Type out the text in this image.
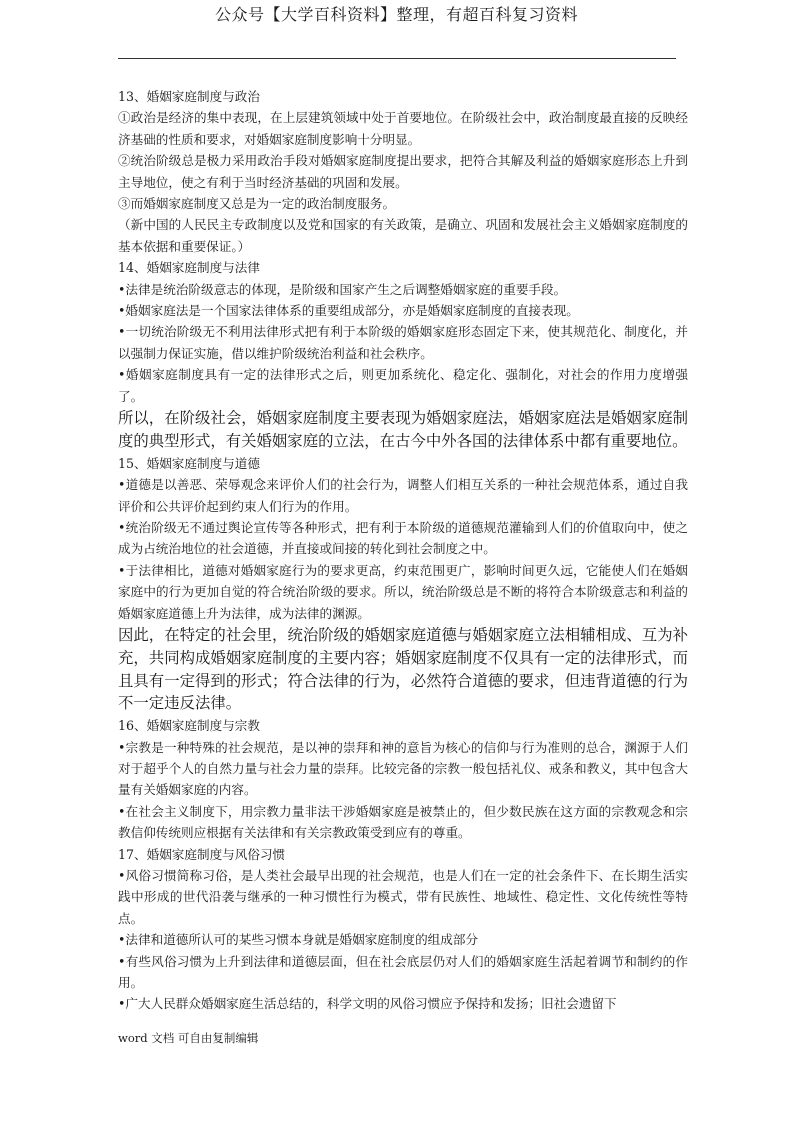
公众号【大学百科资料】整理，有超百科复习资料

13、婚姻家庭制度与政治

①政治是经济的集中表现，在上层建筑领域中处于首要地位。在阶级社会中，政治制度最直接的反映经济基础的性质和要求，对婚姻家庭制度影响十分明显。

②统治阶级总是极力采用政治手段对婚姻家庭制度提出要求，把符合其解及利益的婚姻家庭形态上升到主导地位，使之有利于当时经济基础的巩固和发展。

③而婚姻家庭制度又总是为一定的政治制度服务。

（新中国的人民民主专政制度以及党和国家的有关政策，是确立、巩固和发展社会主义婚姻家庭制度的基本依据和重要保证。）

14、婚姻家庭制度与法律

•法律是统治阶级意志的体现，是阶级和国家产生之后调整婚姻家庭的重要手段。

•婚姻家庭法是一个国家法律体系的重要组成部分，亦是婚姻家庭制度的直接表现。

•一切统治阶级无不利用法律形式把有利于本阶级的婚姻家庭形态固定下来，使其规范化、制度化，并以强制力保证实施，借以维护阶级统治利益和社会秩序。

•婚姻家庭制度具有一定的法律形式之后，则更加系统化、稳定化、强制化，对社会的作用力度增强了。

所以，在阶级社会，婚姻家庭制度主要表现为婚姻家庭法，婚姻家庭法是婚姻家庭制度的典型形式，有关婚姻家庭的立法，在古今中外各国的法律体系中都有重要地位。

15、婚姻家庭制度与道德

•道德是以善恶、荣辱观念来评价人们的社会行为，调整人们相互关系的一种社会规范体系，通过自我评价和公共评价起到约束人们行为的作用。

•统治阶级无不通过舆论宣传等各种形式，把有利于本阶级的道德规范灌输到人们的价值取向中，使之成为占统治地位的社会道德，并直接或间接的转化到社会制度之中。

•于法律相比，道德对婚姻家庭行为的要求更高，约束范围更广，影响时间更久远，它能使人们在婚姻家庭中的行为更加自觉的符合统治阶级的要求。所以，统治阶级总是不断的将符合本阶级意志和利益的婚姻家庭道德上升为法律，成为法律的渊源。

因此，在特定的社会里，统治阶级的婚姻家庭道德与婚姻家庭立法相辅相成、互为补充，共同构成婚姻家庭制度的主要内容；婚姻家庭制度不仅具有一定的法律形式，而且具有一定得到的形式；符合法律的行为，必然符合道德的要求，但违背道德的行为不一定违反法律。

16、婚姻家庭制度与宗教

•宗教是一种特殊的社会规范，是以神的崇拜和神的意旨为核心的信仰与行为准则的总合，渊源于人们对于超乎个人的自然力量与社会力量的崇拜。比较完备的宗教一般包括礼仪、戒条和教义，其中包含大量有关婚姻家庭的内容。

•在社会主义制度下，用宗教力量非法干涉婚姻家庭是被禁止的，但少数民族在这方面的宗教观念和宗教信仰传统则应根据有关法律和有关宗教政策受到应有的尊重。

17、婚姻家庭制度与风俗习惯

•风俗习惯简称习俗，是人类社会最早出现的社会规范，也是人们在一定的社会条件下、在长期生活实践中形成的世代沿袭与继承的一种习惯性行为模式，带有民族性、地域性、稳定性、文化传统性等特点。

•法律和道德所认可的某些习惯本身就是婚姻家庭制度的组成部分

•有些风俗习惯为上升到法律和道德层面，但在社会底层仍对人们的婚姻家庭生活起着调节和制约的作用。

•广大人民群众婚姻家庭生活总结的，科学文明的风俗习惯应予保持和发扬；旧社会遗留下

word 文档 可自由复制编辑
